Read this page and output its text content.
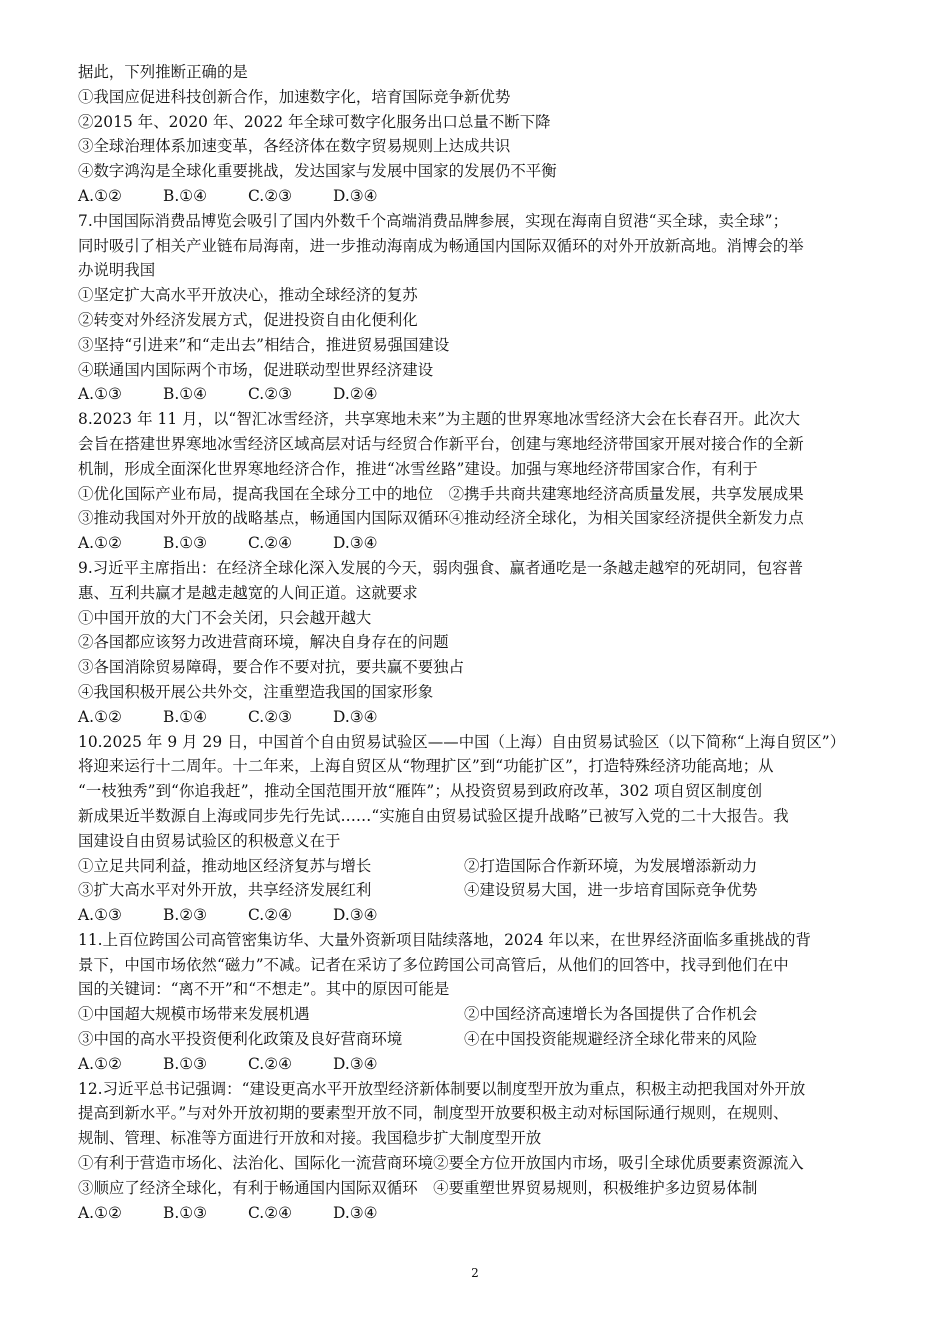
据此，下列推断正确的是
①我国应促进科技创新合作，加速数字化，培育国际竞争新优势
②2015 年、2020 年、2022 年全球可数字化服务出口总量不断下降
③全球治理体系加速变革，各经济体在数字贸易规则上达成共识
④数字鸿沟是全球化重要挑战，发达国家与发展中国家的发展仍不平衡
A.①②	B.①④	C.②③	D.③④
7.中国国际消费品博览会吸引了国内外数千个高端消费品牌参展，实现在海南自贸港“买全球，卖全球”；
同时吸引了相关产业链布局海南，进一步推动海南成为畅通国内国际双循环的对外开放新高地。消博会的举
办说明我国
①坚定扩大高水平开放决心，推动全球经济的复苏
②转变对外经济发展方式，促进投资自由化便利化
③坚持“引进来”和“走出去”相结合，推进贸易强国建设
④联通国内国际两个市场，促进联动型世界经济建设
A.①③	B.①④	C.②③	D.②④
8.2023 年 11 月，以“智汇冰雪经济，共享寒地未来”为主题的世界寒地冰雪经济大会在长春召开。此次大
会旨在搭建世界寒地冰雪经济区域高层对话与经贸合作新平台，创建与寒地经济带国家开展对接合作的全新
机制，形成全面深化世界寒地经济合作，推进“冰雪丝路”建设。加强与寒地经济带国家合作，有利于
①优化国际产业布局，提高我国在全球分工中的地位　②携手共商共建寒地经济高质量发展，共享发展成果
③推动我国对外开放的战略基点，畅通国内国际双循环④推动经济全球化，为相关国家经济提供全新发力点
A.①②	B.①③	C.②④	D.③④
9.习近平主席指出：在经济全球化深入发展的今天，弱肉强食、赢者通吃是一条越走越窄的死胡同，包容普
惠、互利共赢才是越走越宽的人间正道。这就要求
①中国开放的大门不会关闭，只会越开越大
②各国都应该努力改进营商环境，解决自身存在的问题
③各国消除贸易障碍，要合作不要对抗，要共赢不要独占
④我国积极开展公共外交，注重塑造我国的国家形象
A.①②	B.①④	C.②③	D.③④
10.2025 年 9 月 29 日，中国首个自由贸易试验区——中国（上海）自由贸易试验区（以下简称“上海自贸区”）
将迎来运行十二周年。十二年来，上海自贸区从“物理扩区”到“功能扩区”，打造特殊经济功能高地；从
“一枝独秀”到“你追我赶”，推动全国范围开放“雁阵”；从投资贸易到政府改革，302 项自贸区制度创
新成果近半数源自上海或同步先行先试……“实施自由贸易试验区提升战略”已被写入党的二十大报告。我
国建设自由贸易试验区的积极意义在于
①立足共同利益，推动地区经济复苏与增长	②打造国际合作新环境，为发展增添新动力
③扩大高水平对外开放，共享经济发展红利	④建设贸易大国，进一步培育国际竞争优势
A.①③	B.②③	C.②④	D.③④
11.上百位跨国公司高管密集访华、大量外资新项目陆续落地，2024 年以来，在世界经济面临多重挑战的背
景下，中国市场依然“磁力”不减。记者在采访了多位跨国公司高管后，从他们的回答中，找寻到他们在中
国的关键词：“离不开”和“不想走”。其中的原因可能是
①中国超大规模市场带来发展机遇	②中国经济高速增长为各国提供了合作机会
③中国的高水平投资便利化政策及良好营商环境	④在中国投资能规避经济全球化带来的风险
A.①②	B.①③	C.②④	D.③④
12.习近平总书记强调：“建设更高水平开放型经济新体制要以制度型开放为重点，积极主动把我国对外开放
提高到新水平。”与对外开放初期的要素型开放不同，制度型开放要积极主动对标国际通行规则，在规则、
规制、管理、标准等方面进行开放和对接。我国稳步扩大制度型开放
①有利于营造市场化、法治化、国际化一流营商环境②要全方位开放国内市场，吸引全球优质要素资源流入
③顺应了经济全球化，有利于畅通国内国际双循环　④要重塑世界贸易规则，积极维护多边贸易体制
A.①②	B.①③	C.②④	D.③④
2
